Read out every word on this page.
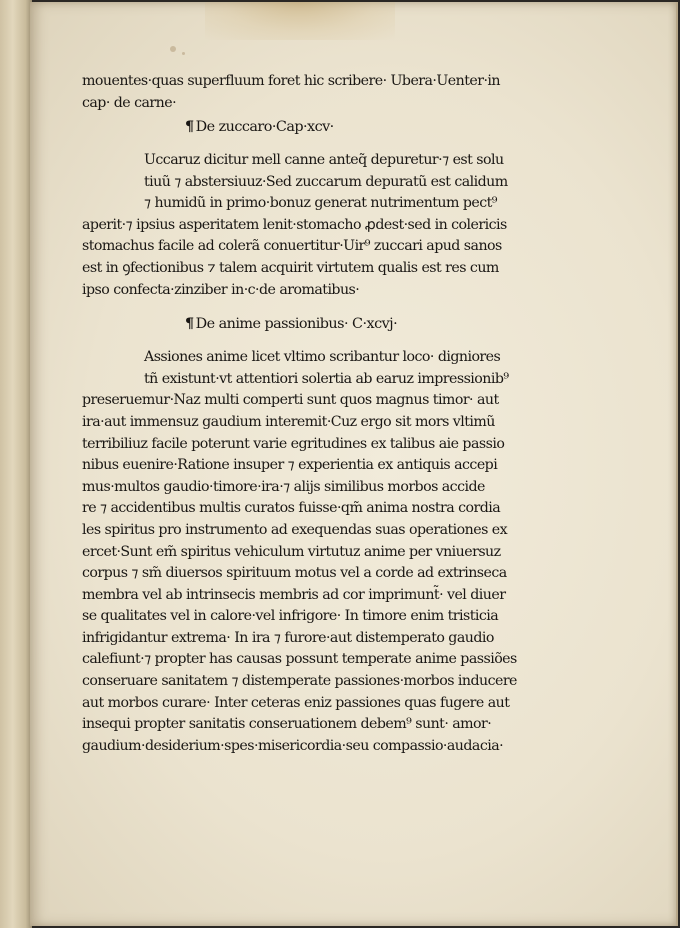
mouentes·quas superfluum foret hic scribere· Ubera·Uenter·in
cap· de carne·
¶ De zuccaro·Cap·xcv·
Uccaruz dicitur mell canne anteq̃ depuretur·⁊ est solu
tiuũ ⁊ abstersiuuz·Sed zuccarum depuratũ est calidum
⁊ humidũ in primo·bonuz generat nutrimentum pect⁹
aperit·⁊ ipsius asperitatem lenit·stomacho ꝓdest·sed in colericis
stomachus facile ad colerã conuertitur·Uir⁹ zuccari apud sanos
est in ꝯfectionibus ⁊ talem acquirit virtutem qualis est res cum
ipso confecta·zinziber in·c·de aromatibus·
¶ De anime passionibus· C·xcvj·
Assiones anime licet vltimo scribantur loco· digniores
tñ existunt·vt attentiori solertia ab earuz impressionib⁹
preseruemur·Naz multi comperti sunt quos magnus timor· aut
ira·aut immensuz gaudium interemit·Cuz ergo sit mors vltimũ
terribiliuz facile poterunt varie egritudines ex talibus aie passio
nibus euenire·Ratione insuper ⁊ experientia ex antiquis accepi
mus·multos gaudio·timore·ira·⁊ alijs similibus morbos accide
re ⁊ accidentibus multis curatos fuisse·qm̃ anima nostra cordia
les spiritus pro instrumento ad exequendas suas operationes ex
ercet·Sunt em̃ spiritus vehiculum virtutuz anime per vniuersuz
corpus ⁊ sm̃ diuersos spirituum motus vel a corde ad extrinseca
membra vel ab intrinsecis membris ad cor imprimunt̃· vel diuer
se qualitates vel in calore·vel infrigore· In timore enim tristicia
infrigidantur extrema· In ira ⁊ furore·aut distemperato gaudio
calefiunt·⁊ propter has causas possunt temperate anime passiões
conseruare sanitatem ⁊ distemperate passiones·morbos inducere
aut morbos curare· Inter ceteras eniz passiones quas fugere aut
insequi propter sanitatis conseruationem debem⁹ sunt· amor·
gaudium·desiderium·spes·misericordia·seu compassio·audacia·
